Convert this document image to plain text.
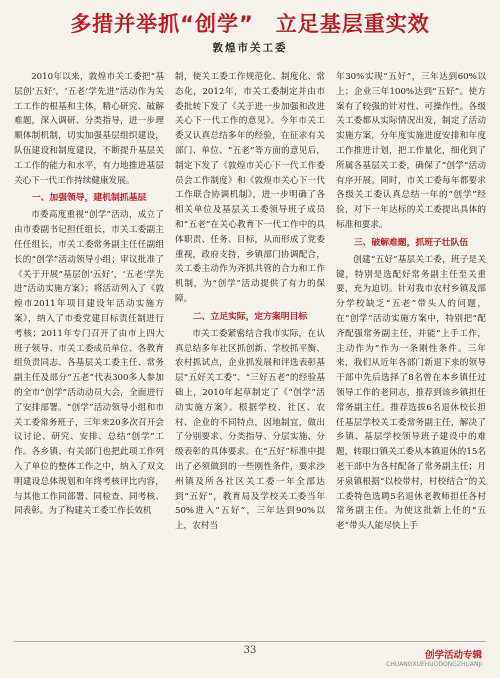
多措并举抓“创学”　立足基层重实效
敦煌市关工委

2010年以来，敦煌市关工委把“基层创‘五好’，‘五老’学先进”活动作为关工工作的根基和主体，精心研究、破解难题，深入调研、分类指导，进一步理顺体制机制，切实加强基层组织建设，队伍建设和制度建设，不断提升基层关工工作的能力和水平，有力地推进基层关心下一代工作持续健康发展。

一、加强领导，建机制抓基层

市委高度重视“创学”活动，成立了由市委副书记担任组长，市关工委副主任任组长，市关工委常务副主任任副组长的“创学”活动领导小组；审议批准了《关于开展“基层创‘五好’，‘五老’学先进”活动实施方案》；将活动列入了《敦煌市2011年项目建设年活动实施方案》，纳入了市委党建目标责任制进行考核；2011年专门召开了由市上四大班子领导、市关工委成员单位、各教育组负责同志、各基层关工委主任、常务副主任及部分“五老”代表300多人参加的全市“创学”活动动员大会，全面进行了安排部署。“创学”活动领导小组和市关工委常务班子，三年来20多次召开会议讨论、研究、安排、总结“创学”工作。各乡镇、有关部门也把此项工作列入了单位的整体工作之中，纳入了双文明建设总体规划和年终考核评比内容，与其他工作同部署、同检查、同考核、同表彰。为了构建关工委工作长效机

制，使关工委工作规范化、制度化、常态化，2012年，市关工委制定并由市委批转下发了《关于进一步加强和改进关心下一代工作的意见》。今年市关工委又认真总结多年的经验，在征求有关部门、单位、“五老”等方面的意见后，制定下发了《敦煌市关心下一代工作委员会工作制度》和《敦煌市关心下一代工作联合协调机制》，进一步明确了各相关单位及基层关工委领导班子成员和“五老”在关心教育下一代工作中的具体职责、任务、目标，从而形成了党委重视，政府支持，乡镇部门协调配合，关工委主动作为齐抓共管的合力和工作机制，为“创学”活动提供了有力的保障。

二、立足实际，定方案明目标

市关工委紧密结合我市实际，在认真总结多年社区抓创新、学校抓平衡、农村抓试点，企业抓发展和评选表彰基层“五好关工委”、“三好五老”的经验基础上，2010年起草制定了《“创学”活动实施方案》。根据学校、社区、农村、企业的不同特点，因地制宜，做出了分别要求、分类指导、分层实施、分级表彰的具体要求。在“五好”标准中提出了必须做到的一些刚性条件，要求沙州镇及所各社区关工委一年全部达到“五好”，教育局及学校关工委当年50%进入“五好”，三年达到90%以上，农村当

年30%实现“五好”，三年达到60%以上；企业三年100%达到“五好”。使方案有了较强的针对性、可操作性。各级关工委都从实际情况出发，制定了活动实施方案，分年度实施进度安排和年度工作推进计划，把工作量化，细化到了所属各基层关工委，确保了“创学”活动有序开展。同时，市关工委每年都要求各级关工委认真总结一年的“创学”经验，对下一年达标的关工委提出具体的标准和要求。

三、破解难题，抓班子壮队伍

创建“五好”基层关工委，班子是关键，特别是选配好常务副主任至关重要，充为迫切。针对我市农村乡镇及部分学校缺乏“五老”带头人的问题，在“创学”活动实施方案中，特别把“配齐配强常务副主任，并能“上手工作，主动作为”作为一条刚性条件。三年来，我们从近年各部门新退下来的领导干部中先后选择了8名曾在本乡镇任过领导工作的老同志，推荐到该乡镇担任常务副主任。推荐选拔6名退休校长担任基层学校关工委常务副主任，解决了乡镇、基层学校领导班子建设中的难题，转眼口镇关工委从本镇退休的15名老干部中为各村配备了常务副主任；月牙泉镇根据“以校带村，村校结合”的关工委特色选聘5名退休老教师担任各村常务副主任。为使这批新上任的“五老”带头人能尽快上手

33	创学活动专辑
CHUANGXUEHUODONGZHUANJI
